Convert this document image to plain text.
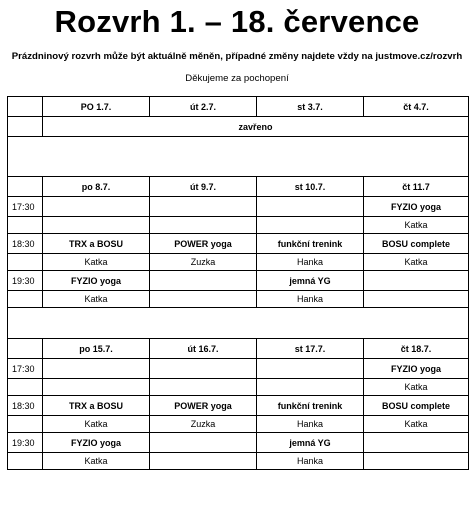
Rozvrh 1. – 18. července
Prázdninový rozvrh může být aktuálně měněn, případné změny najdete vždy na justmove.cz/rozvrh
Děkujeme za pochopení
	PO 1.7.	út 2.7.	st 3.7.	čt 4.7.
	zavřeno			

	po 8.7.	út 9.7.	st 10.7.	čt 11.7
17:30				FYZIO yoga
				Katka
18:30	TRX a BOSU	POWER yoga	funkční trenink	BOSU complete
	Katka	Zuzka	Hanka	Katka
19:30	FYZIO yoga		jemná YG	
	Katka		Hanka	

	po 15.7.	út 16.7.	st 17.7.	čt 18.7.
17:30				FYZIO yoga
				Katka
18:30	TRX a BOSU	POWER yoga	funkční trenink	BOSU complete
	Katka	Zuzka	Hanka	Katka
19:30	FYZIO yoga		jemná YG	
	Katka		Hanka	
